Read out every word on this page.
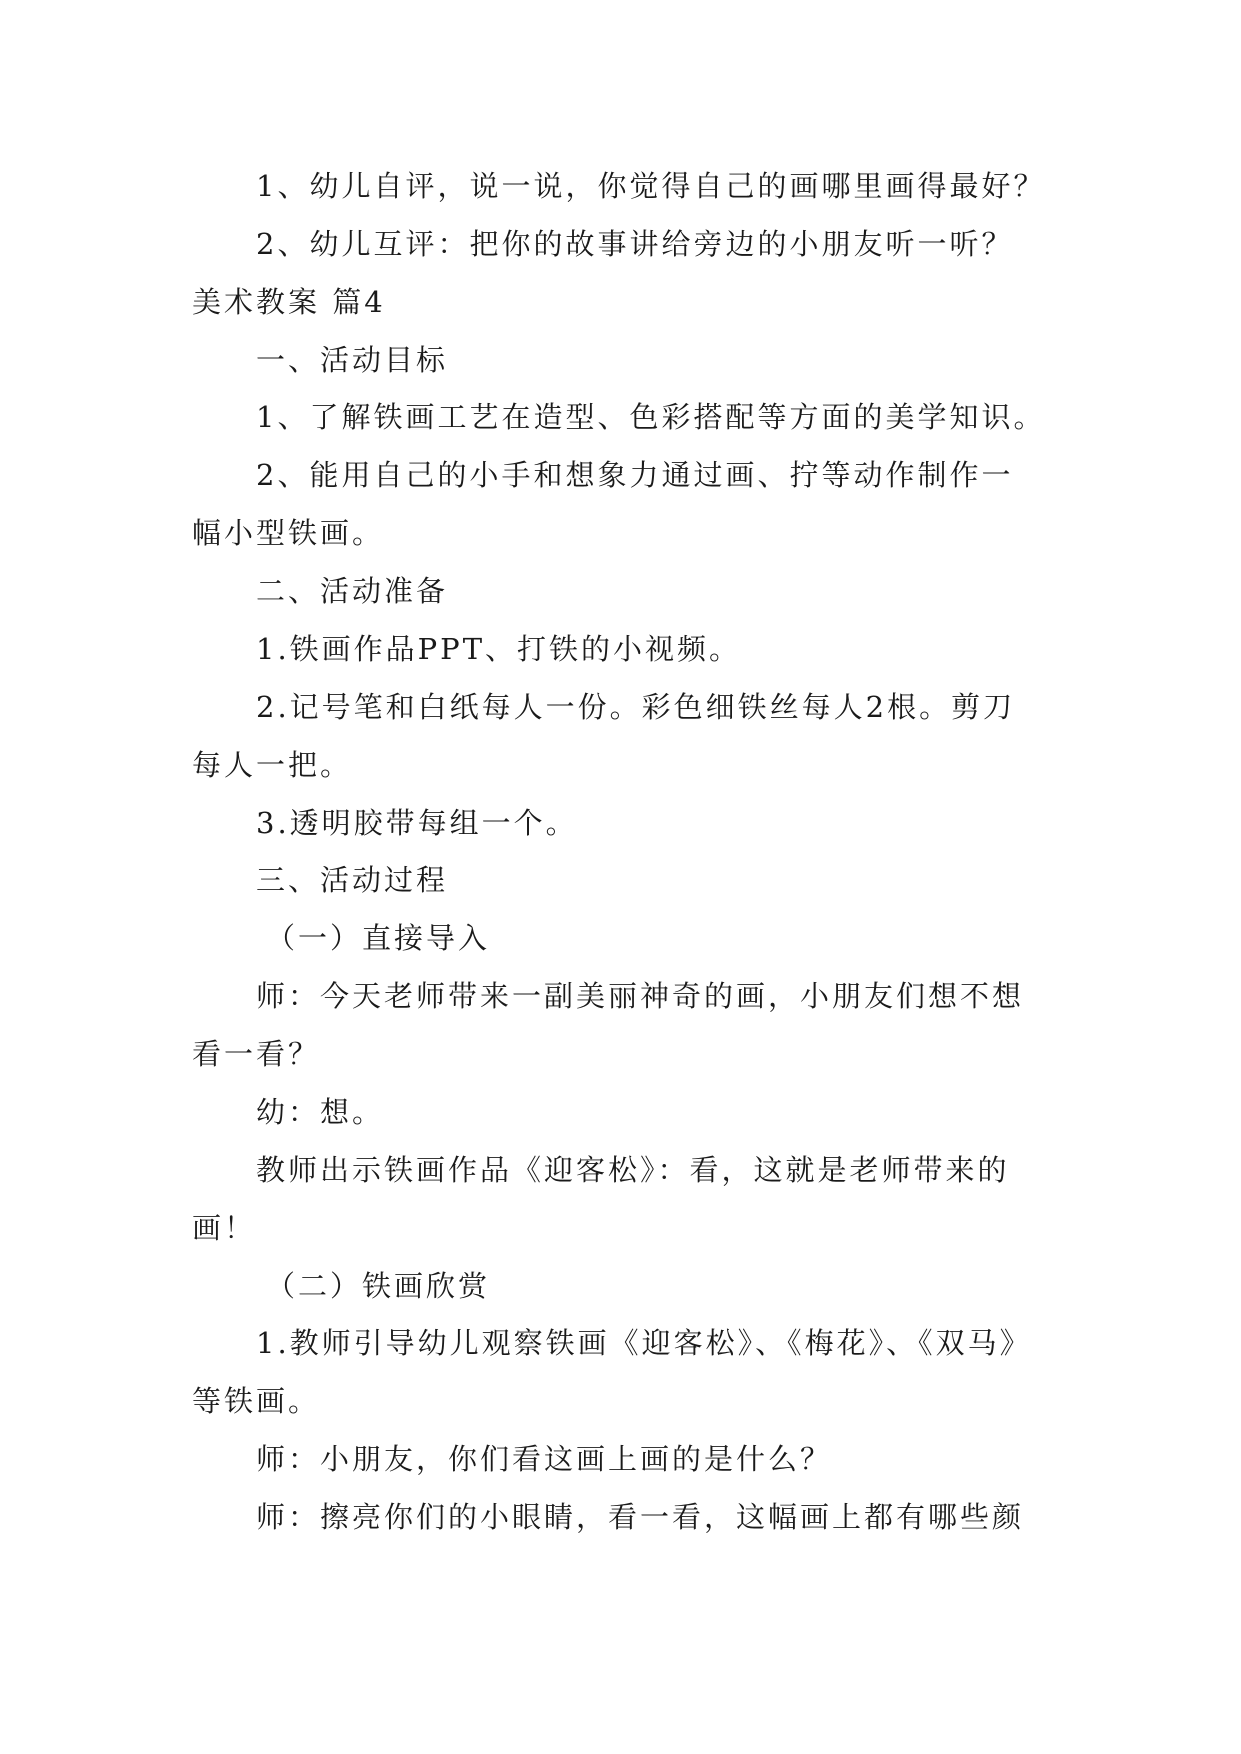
1、幼儿自评，说一说，你觉得自己的画哪里画得最好？
2、幼儿互评：把你的故事讲给旁边的小朋友听一听？
美术教案 篇4
一、活动目标
1、了解铁画工艺在造型、色彩搭配等方面的美学知识。
2、能用自己的小手和想象力通过画、拧等动作制作一
幅小型铁画。
二、活动准备
1.铁画作品PPT、打铁的小视频。
2.记号笔和白纸每人一份。彩色细铁丝每人2根。剪刀
每人一把。
3.透明胶带每组一个。
三、活动过程
（一）直接导入
师：今天老师带来一副美丽神奇的画，小朋友们想不想
看一看？
幼：想。
教师出示铁画作品《迎客松》：看，这就是老师带来的
画！
（二）铁画欣赏
1.教师引导幼儿观察铁画《迎客松》、《梅花》、《双马》
等铁画。
师：小朋友，你们看这画上画的是什么？
师：擦亮你们的小眼睛，看一看，这幅画上都有哪些颜
